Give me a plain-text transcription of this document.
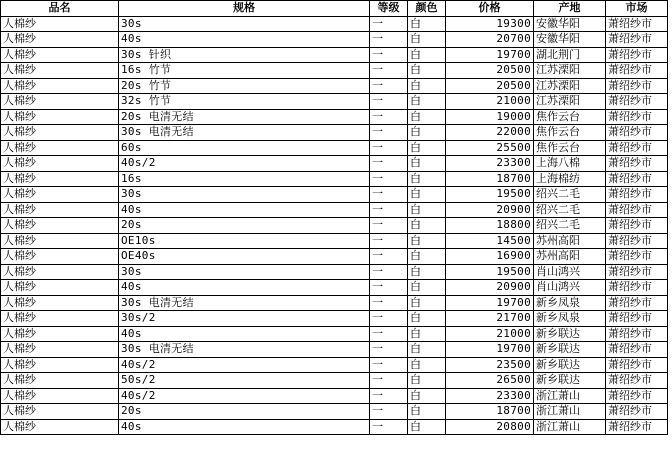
品名	规格	等级	颜色	价格	产地	市场
人棉纱	30s	一	白	19300	安徽华阳	萧绍纱市
人棉纱	40s	一	白	20700	安徽华阳	萧绍纱市
人棉纱	30s 针织	一	白	19700	湖北荆门	萧绍纱市
人棉纱	16s 竹节	一	白	20500	江苏溧阳	萧绍纱市
人棉纱	20s 竹节	一	白	20500	江苏溧阳	萧绍纱市
人棉纱	32s 竹节	一	白	21000	江苏溧阳	萧绍纱市
人棉纱	20s 电清无结	一	白	19000	焦作云台	萧绍纱市
人棉纱	30s 电清无结	一	白	22000	焦作云台	萧绍纱市
人棉纱	60s	一	白	25500	焦作云台	萧绍纱市
人棉纱	40s/2	一	白	23300	上海八棉	萧绍纱市
人棉纱	16s	一	白	18700	上海棉纺	萧绍纱市
人棉纱	30s	一	白	19500	绍兴二毛	萧绍纱市
人棉纱	40s	一	白	20900	绍兴二毛	萧绍纱市
人棉纱	20s	一	白	18800	绍兴二毛	萧绍纱市
人棉纱	OE10s	一	白	14500	苏州高阳	萧绍纱市
人棉纱	OE40s	一	白	16900	苏州高阳	萧绍纱市
人棉纱	30s	一	白	19500	肖山鸿兴	萧绍纱市
人棉纱	40s	一	白	20900	肖山鸿兴	萧绍纱市
人棉纱	30s 电清无结	一	白	19700	新乡凤泉	萧绍纱市
人棉纱	30s/2	一	白	21700	新乡凤泉	萧绍纱市
人棉纱	40s	一	白	21000	新乡联达	萧绍纱市
人棉纱	30s 电清无结	一	白	19700	新乡联达	萧绍纱市
人棉纱	40s/2	一	白	23500	新乡联达	萧绍纱市
人棉纱	50s/2	一	白	26500	新乡联达	萧绍纱市
人棉纱	40s/2	一	白	23300	浙江萧山	萧绍纱市
人棉纱	20s	一	白	18700	浙江萧山	萧绍纱市
人棉纱	40s	一	白	20800	浙江萧山	萧绍纱市
